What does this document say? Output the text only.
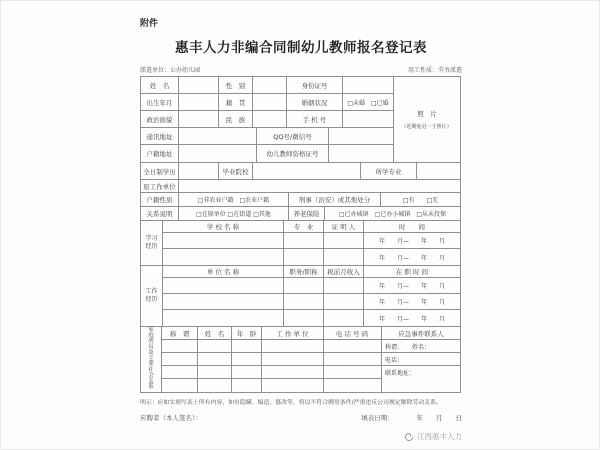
附件
惠丰人力非编合同制幼儿教师报名登记表
派遣单位：公办幼儿园	用工性质：劳务派遣
姓　名	性　别	身份证号
出生年月	籍　贯	婚姻状况	□未婚　□已婚
政治面貌	民　族	手 机 号
通讯地址	QQ号/微信号
户籍地址	幼儿教师资格证号
照　片
（近期免冠一寸照片）
全日制学历	毕业院校	所学专业
原工作单位
户籍性质	□非农业户籍　□农业户籍	刑事（治安）或其他处分	□有　　□无
关系说明	□在原单位 □在街道 □其他	养老保险	□已办城镇　□已办小城镇　□从未投保
学习经历
学 校 名 称	专　业	证 明 人	时　　间
年　　月—　　年　　月
年　　月—　　年　　月
工作经历
单 位 名 称	职务/职称	税前月收入	在 职 时 间
年　　月—　　年　　月
年　　月—　　年　　月
年　　月—　　年　　月
家庭成员及主要社会关系
称　谓	姓　名	年　龄	工 作 单 位	电 话 号 码	应急事件联系人
称谓：　　姓名：
电话：
联系地址：
明示：应如实填写表上所有内容，如有隐瞒、编造、篡改等，将以不符合聘用条件/严重违反公司规定解除劳动关系。
应聘者（本人签名）：	填表日期：　　　　年　　月　　日
江西惠丰人力
